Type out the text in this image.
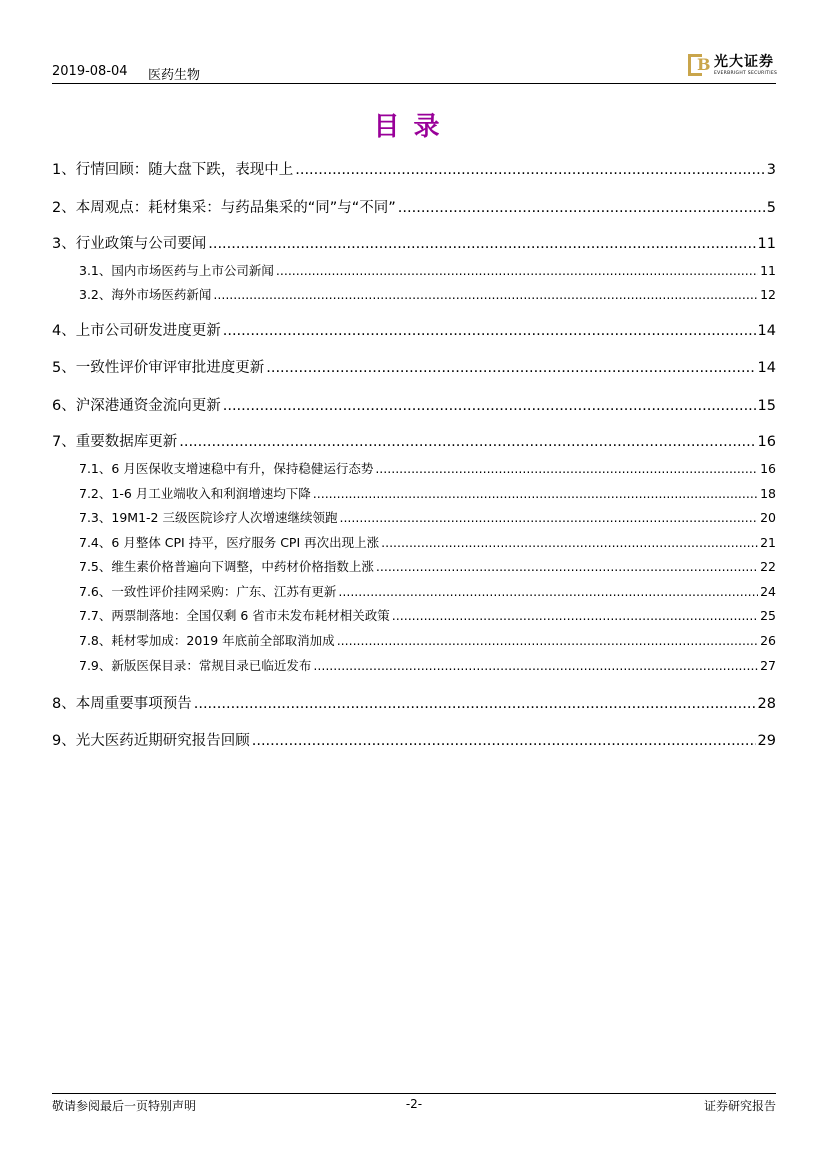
2019-08-04 医药生物
B 光大证券
EVERBRIGHT SECURITIES
目录
1、 行情回顾：随大盘下跌，表现中上 .....	3
2、 本周观点：耗材集采：与药品集采的“同”与“不同” .....	5
3、 行业政策与公司要闻 .....	11
3.1、 国内市场医药与上市公司新闻 .....	11
3.2、 海外市场医药新闻 .....	12
4、 上市公司研发进度更新 .....	14
5、 一致性评价审评审批进度更新 .....	14
6、 沪深港通资金流向更新 .....	15
7、 重要数据库更新 .....	16
7.1、 6 月医保收支增速稳中有升，保持稳健运行态势 .....	16
7.2、 1-6 月工业端收入和利润增速均下降 .....	18
7.3、 19M1-2 三级医院诊疗人次增速继续领跑 .....	20
7.4、 6 月整体 CPI 持平，医疗服务 CPI 再次出现上涨 .....	21
7.5、 维生素价格普遍向下调整，中药材价格指数上涨 .....	22
7.6、 一致性评价挂网采购：广东、江苏有更新 .....	24
7.7、 两票制落地：全国仅剩 6 省市未发布耗材相关政策 .....	25
7.8、 耗材零加成：2019 年底前全部取消加成 .....	26
7.9、 新版医保目录：常规目录已临近发布 .....	27
8、 本周重要事项预告 .....	28
9、 光大医药近期研究报告回顾 .....	29
敬请参阅最后一页特别声明	-2-	证券研究报告
